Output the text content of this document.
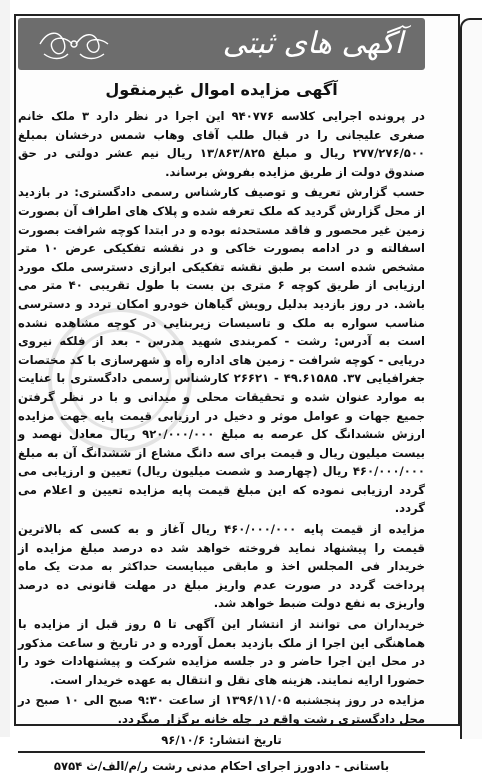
آگهی های ثبتی
آگهی مزایده اموال غیرمنقول

در پرونده اجرایی کلاسه ۹۴۰۷۷۶ این اجرا در نظر دارد ۳ ملک خانم صغری علیجانی را در قبال طلب آقای وهاب شمس درخشان بمبلغ ۲۷۷/۲۷۶/۵۰۰ ریال و مبلغ ۱۳/۸۶۳/۸۲۵ ریال نیم عشر دولتی در حق صندوق دولت از طریق مزایده بفروش برساند.

حسب گزارش تعریف و توصیف کارشناس رسمی دادگستری: در بازدید از محل گزارش گردید که ملک تعرفه شده و پلاک های اطراف آن بصورت زمین غیر محصور و فاقد مستحدثه بوده و در ابتدا کوچه شرافت بصورت اسفالته و در ادامه بصورت خاکی و در نقشه تفکیکی عرض ۱۰ متر مشخص شده است بر طبق نقشه تفکیکی ابرازی دسترسی ملک مورد ارزیابی از طریق کوچه ۶ متری بن بست با طول تقریبی ۴۰ متر می باشد. در روز بازدید بدلیل رویش گیاهان خودرو امکان تردد و دسترسی مناسب سواره به ملک و تاسیسات زیربنایی در کوچه مشاهده نشده است به آدرس: رشت - کمربندی شهید مدرس - بعد از فلکه نیروی دریایی - کوچه شرافت - زمین های اداره راه و شهرسازی با کد مختصات جغرافیایی ۳۷. ۴۹.۶۱۵۸۵ - ۲۶۶۲۱ کارشناس رسمی دادگستری با عنایت به موارد عنوان شده و تحقیقات محلی و میدانی و با در نظر گرفتن جمیع جهات و عوامل موثر و دخیل در ارزیابی قیمت پایه جهت مزایده ارزش ششدانگ کل عرصه به مبلغ ۹۲۰/۰۰۰/۰۰۰ ریال معادل نهصد و بیست میلیون ریال و قیمت برای سه دانگ مشاع از ششدانگ آن به مبلغ ۴۶۰/۰۰۰/۰۰۰ ریال (چهارصد و شصت میلیون ریال) تعیین و ارزیابی می گردد ارزیابی نموده که این مبلغ قیمت پایه مزایده تعیین و اعلام می گردد.

مزایده از قیمت پایه ۴۶۰/۰۰۰/۰۰۰ ریال آغاز و به کسی که بالاترین قیمت را پیشنهاد نماید فروخته خواهد شد ده درصد مبلغ مزایده از خریدار فی المجلس اخذ و مابقی میبایست حداکثر به مدت یک ماه پرداخت گردد در صورت عدم واریز مبلغ در مهلت قانونی ده درصد واریزی به نفع دولت ضبط خواهد شد.

خریداران می توانند از انتشار این آگهی تا ۵ روز قبل از مزایده با هماهنگی این اجرا از ملک بازدید بعمل آورده و در تاریخ و ساعت مذکور در محل این اجرا حاضر و در جلسه مزایده شرکت و پیشنهادات خود را حضورا ارایه نمایند. هزینه های نقل و انتقال به عهده خریدار است.

مزایده در روز پنجشنبه ۱۳۹۶/۱۱/۰۵ از ساعت ۹:۳۰ صبح الی ۱۰ صبح در محل دادگستری رشت واقع در چله خانه برگزار میگردد.

تاریخ انتشار: ۹۶/۱۰/۶
باستانی - دادورز اجرای احکام مدنی رشت ر/م/الف/ث ۵۷۵۴
